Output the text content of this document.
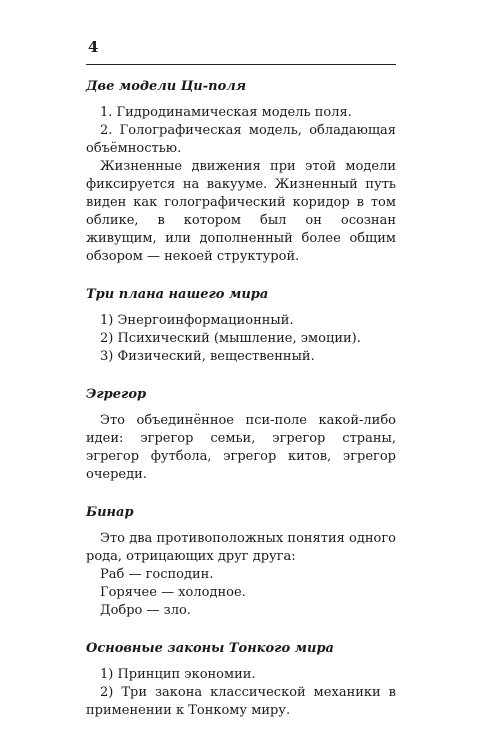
4

Две модели Ци-поля

1. Гидродинамическая модель поля.

2. Голографическая модель, обладающая объёмностью.

Жизненные движения при этой модели фиксируется на вакууме. Жизненный путь виден как голографический коридор в том облике, в котором был он осознан живущим, или дополненный более общим обзором — некоей структурой.

Три плана нашего мира

1) Энергоинформационный.

2) Психический (мышление, эмоции).

3) Физический, вещественный.

Эгрегор

Это объединённое пси-поле какой-либо идеи: эгрегор семьи, эгрегор страны, эгрегор футбола, эгрегор китов, эгрегор очереди.

Бинар

Это два противоположных понятия одного рода, отрицающих друг друга:

Раб — господин.

Горячее — холодное.

Добро — зло.

Основные законы Тонкого мира

1) Принцип экономии.

2) Три закона классической механики в применении к Тонкому миру.
